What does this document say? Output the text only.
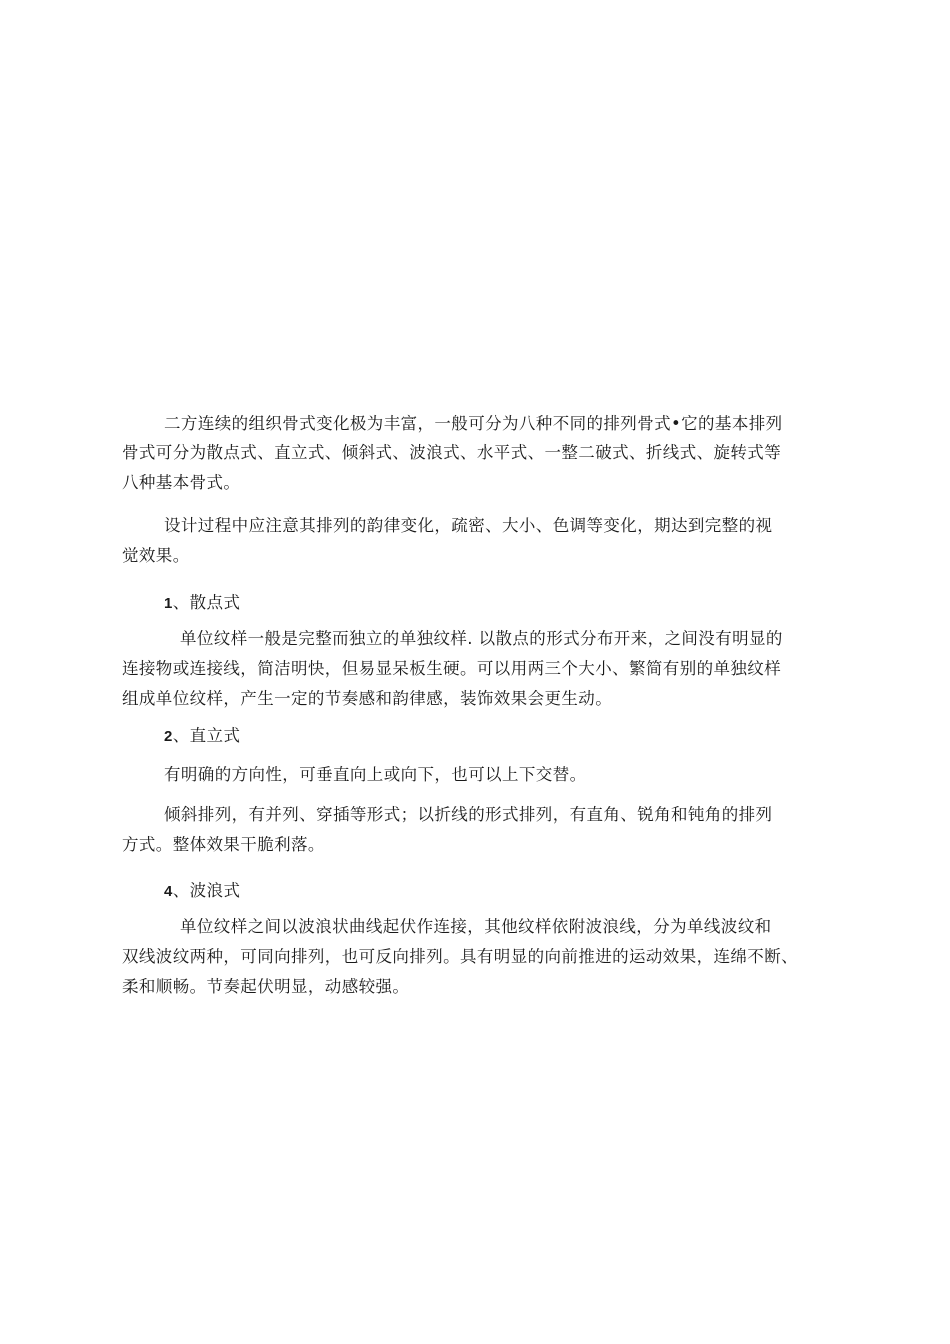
二方连续的组织骨式变化极为丰富，一般可分为八种不同的排列骨式•它的基本排列
骨式可分为散点式、直立式、倾斜式、波浪式、水平式、一整二破式、折线式、旋转式等
八种基本骨式。
设计过程中应注意其排列的韵律变化，疏密、大小、色调等变化，期达到完整的视
觉效果。
1、散点式
单位纹样一般是完整而独立的单独纹样. 以散点的形式分布开来，之间没有明显的
连接物或连接线，简洁明快，但易显呆板生硬。可以用两三个大小、繁简有别的单独纹样
组成单位纹样，产生一定的节奏感和韵律感，装饰效果会更生动。
2、直立式
有明确的方向性，可垂直向上或向下，也可以上下交替。
倾斜排列，有并列、穿插等形式；以折线的形式排列，有直角、锐角和钝角的排列
方式。整体效果干脆利落。
4、波浪式
单位纹样之间以波浪状曲线起伏作连接，其他纹样依附波浪线，分为单线波纹和
双线波纹两种，可同向排列，也可反向排列。具有明显的向前推进的运动效果，连绵不断、
柔和顺畅。节奏起伏明显，动感较强。
